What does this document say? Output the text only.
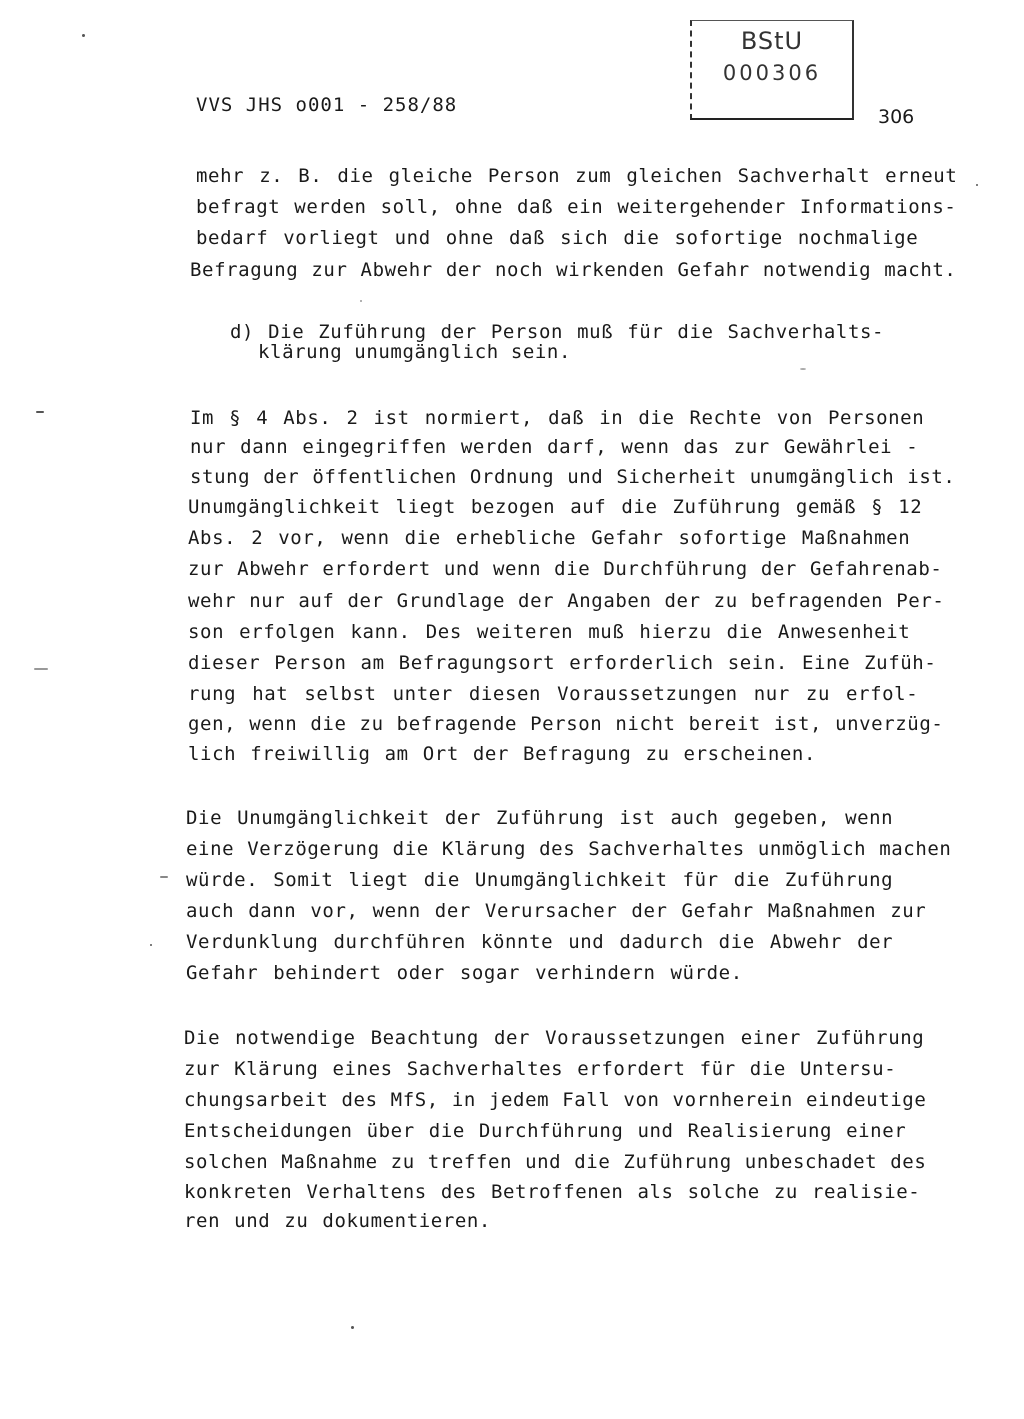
VVS JHS o001 - 258/88
BStU
000306
306
mehr z. B. die gleiche Person zum gleichen Sachverhalt erneut
befragt werden soll, ohne daß ein weitergehender Informations-
bedarf vorliegt und ohne daß sich die sofortige nochmalige
Befragung zur Abwehr der noch wirkenden Gefahr notwendig macht.
d) Die Zuführung der Person muß für die Sachverhalts-
klärung unumgänglich sein.
Im § 4 Abs. 2 ist normiert, daß in die Rechte von Personen
nur dann eingegriffen werden darf, wenn das zur Gewährlei -
stung der öffentlichen Ordnung und Sicherheit unumgänglich ist.
Unumgänglichkeit liegt bezogen auf die Zuführung gemäß § 12
Abs. 2 vor, wenn die erhebliche Gefahr sofortige Maßnahmen
zur Abwehr erfordert und wenn die Durchführung der Gefahrenab-
wehr nur auf der Grundlage der Angaben der zu befragenden Per-
son erfolgen kann. Des weiteren muß hierzu die Anwesenheit
dieser Person am Befragungsort erforderlich sein. Eine Zufüh-
rung hat selbst unter diesen Voraussetzungen nur zu erfol-
gen, wenn die zu befragende Person nicht bereit ist, unverzüg-
lich freiwillig am Ort der Befragung zu erscheinen.
Die Unumgänglichkeit der Zuführung ist auch gegeben, wenn
eine Verzögerung die Klärung des Sachverhaltes unmöglich machen
würde. Somit liegt die Unumgänglichkeit für die Zuführung
auch dann vor, wenn der Verursacher der Gefahr Maßnahmen zur
Verdunklung durchführen könnte und dadurch die Abwehr der
Gefahr behindert oder sogar verhindern würde.
Die notwendige Beachtung der Voraussetzungen einer Zuführung
zur Klärung eines Sachverhaltes erfordert für die Untersu-
chungsarbeit des MfS, in jedem Fall von vornherein eindeutige
Entscheidungen über die Durchführung und Realisierung einer
solchen Maßnahme zu treffen und die Zuführung unbeschadet des
konkreten Verhaltens des Betroffenen als solche zu realisie-
ren und zu dokumentieren.
